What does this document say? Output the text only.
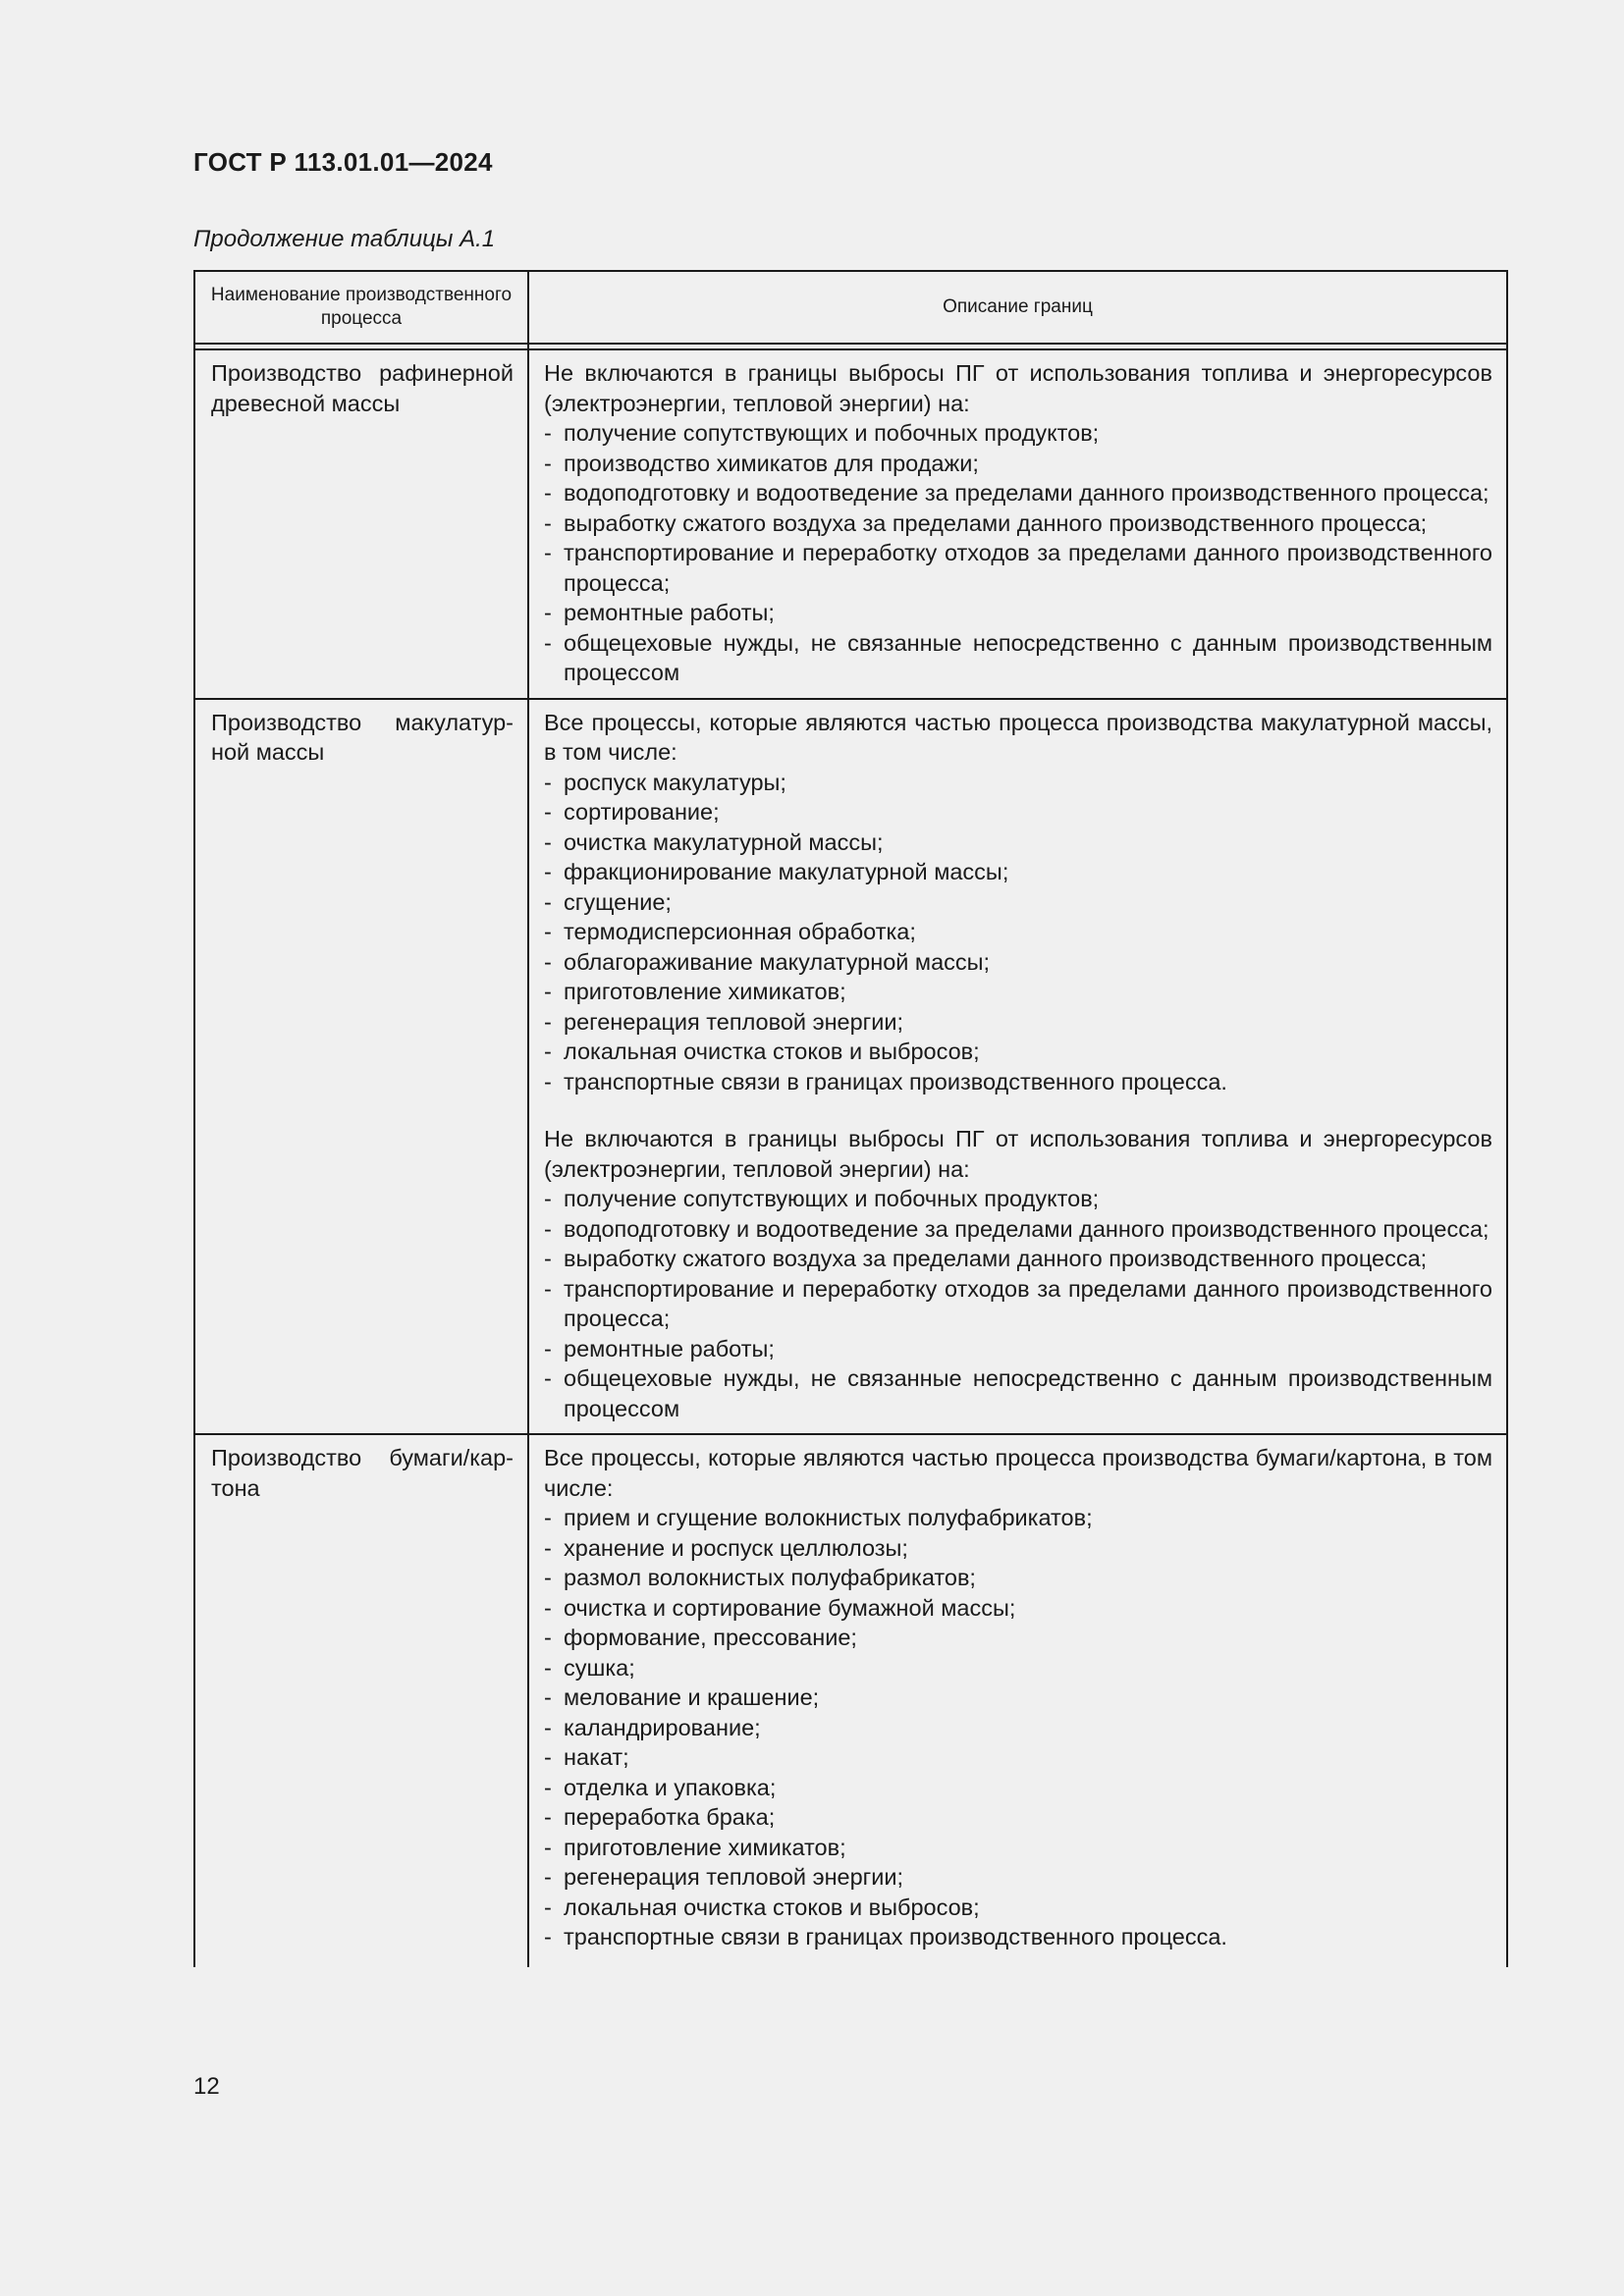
ГОСТ Р 113.01.01—2024
Продолжение таблицы А.1
Наименование производственного процесса
Описание границ
Производство рафинерной древесной массы
Не включаются в границы выбросы ПГ от использования топлива и энергоресурсов (электроэнергии, тепловой энергии) на:
- получение сопутствующих и побочных продуктов;
- производство химикатов для продажи;
- водоподготовку и водоотведение за пределами данного производственного процесса;
- выработку сжатого воздуха за пределами данного производственного процесса;
- транспортирование и переработку отходов за пределами данного производственного процесса;
- ремонтные работы;
- общецеховые нужды, не связанные непосредственно с данным производственным процессом
Производство макулатурной массы
Все процессы, которые являются частью процесса производства макулатурной массы, в том числе:
- роспуск макулатуры;
- сортирование;
- очистка макулатурной массы;
- фракционирование макулатурной массы;
- сгущение;
- термодисперсионная обработка;
- облагораживание макулатурной массы;
- приготовление химикатов;
- регенерация тепловой энергии;
- локальная очистка стоков и выбросов;
- транспортные связи в границах производственного процесса.
Не включаются в границы выбросы ПГ от использования топлива и энергоресурсов (электроэнергии, тепловой энергии) на:
- получение сопутствующих и побочных продуктов;
- водоподготовку и водоотведение за пределами данного производственного процесса;
- выработку сжатого воздуха за пределами данного производственного процесса;
- транспортирование и переработку отходов за пределами данного производственного процесса;
- ремонтные работы;
- общецеховые нужды, не связанные непосредственно с данным производственным процессом
Производство бумаги/картона
Все процессы, которые являются частью процесса производства бумаги/картона, в том числе:
- прием и сгущение волокнистых полуфабрикатов;
- хранение и роспуск целлюлозы;
- размол волокнистых полуфабрикатов;
- очистка и сортирование бумажной массы;
- формование, прессование;
- сушка;
- мелование и крашение;
- каландрирование;
- накат;
- отделка и упаковка;
- переработка брака;
- приготовление химикатов;
- регенерация тепловой энергии;
- локальная очистка стоков и выбросов;
- транспортные связи в границах производственного процесса.
12
